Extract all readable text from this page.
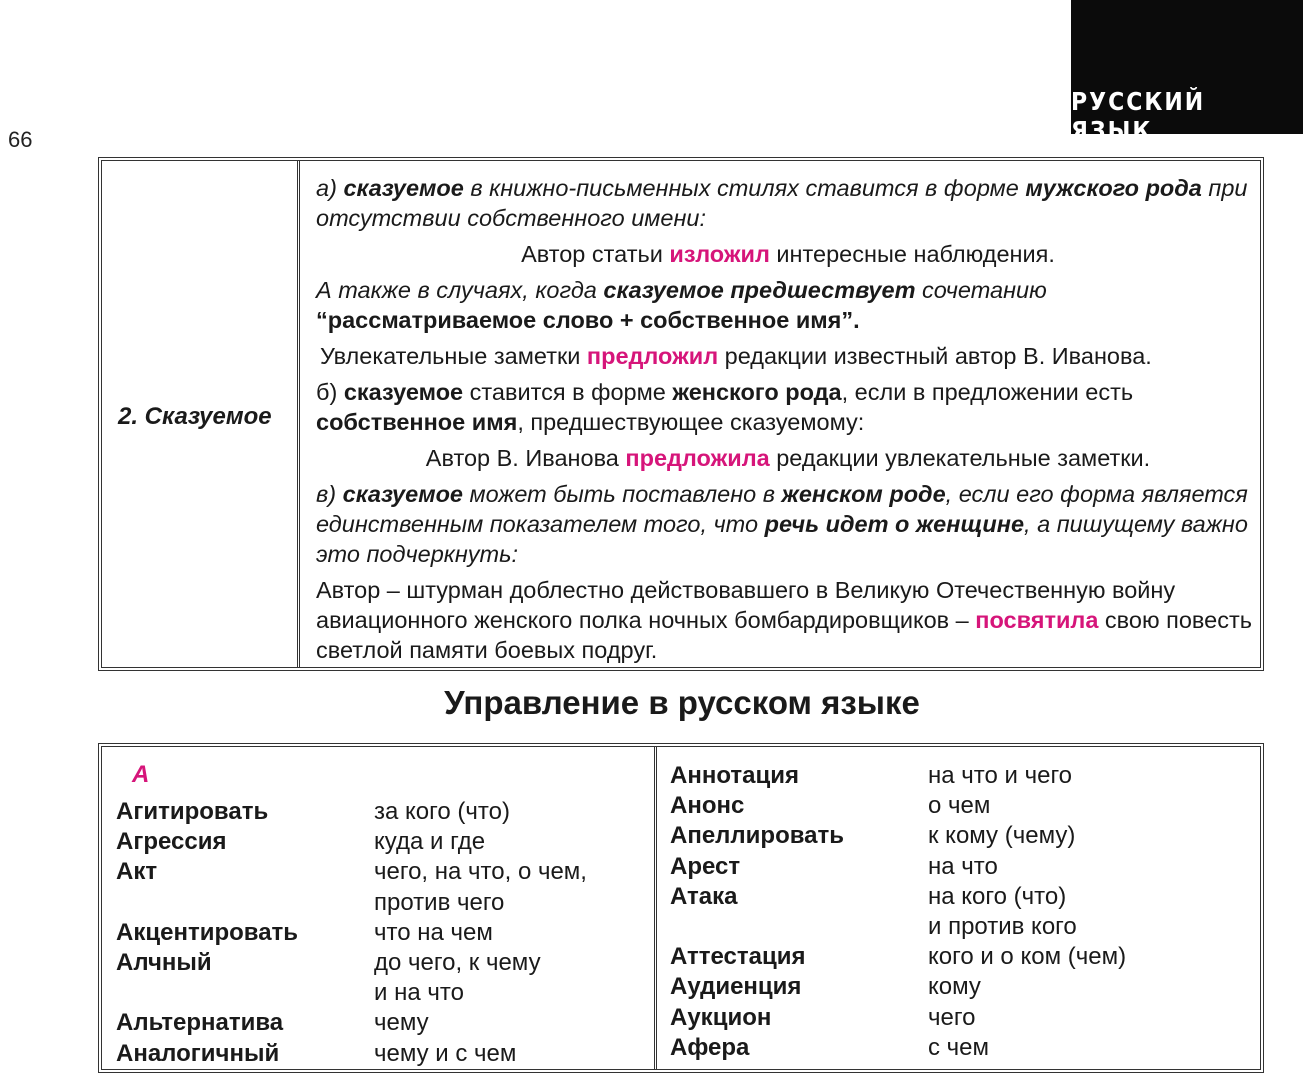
РУССКИЙ ЯЗЫК
66
2. Сказуемое

а) сказуемое в книжно-письменных стилях ставится в форме мужского рода при отсутствии собственного имени:

Автор статьи изложил интересные наблюдения.

А также в случаях, когда сказуемое предшествует сочетанию
“рассматриваемое слово + собственное имя”.

Увлекательные заметки предложил редакции известный автор В. Иванова.

б) сказуемое ставится в форме женского рода, если в предложении есть собственное имя, предшествующее сказуемому:

Автор В. Иванова предложила редакции увлекательные заметки.

в) сказуемое может быть поставлено в женском роде, если его форма является единственным показателем того, что речь идет о женщине, а пишущему важно это подчеркнуть:

Автор – штурман доблестно действовавшего в Великую Отечественную войну авиационного женского полка ночных бомбардировщиков – посвятила свою повесть светлой памяти боевых подруг.

Управление в русском языке
А
Агитировать	за кого (что)
Агрессия	куда и где
Акт	чего, на что, о чем,
против чего
Акцентировать	что на чем
Алчный	до чего, к чему
и на что
Альтернатива	чему
Аналогичный	чему и с чем
Аннотация	на что и чего
Анонс	о чем
Апеллировать	к кому (чему)
Арест	на что
Атака	на кого (что)
и против кого
Аттестация	кого и о ком (чем)
Аудиенция	кому
Аукцион	чего
Афера	с чем
